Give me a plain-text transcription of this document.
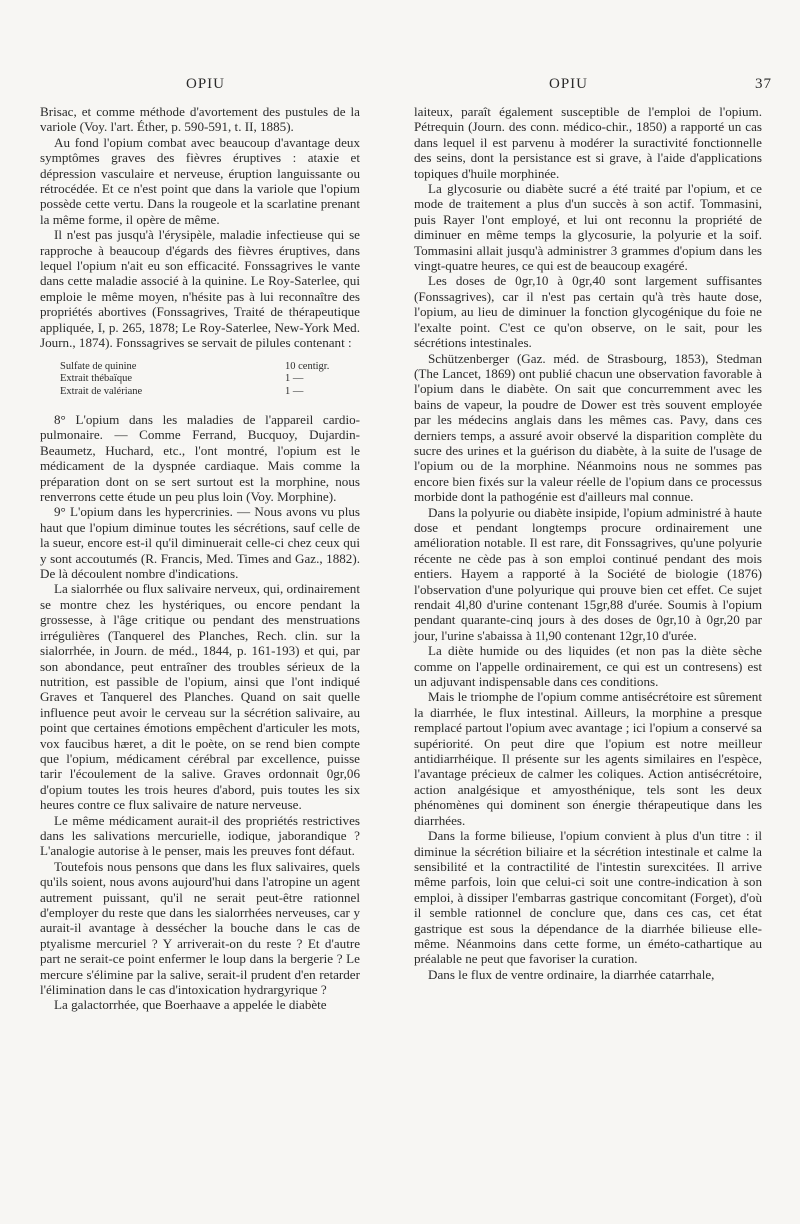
OPIU	OPIU	37

Brisac, et comme méthode d'avortement des pustules de la variole (Voy. l'art. Éther, p. 590-591, t. II, 1885).

Au fond l'opium combat avec beaucoup d'avantage deux symptômes graves des fièvres éruptives : ataxie et dépression vasculaire et nerveuse, éruption languissante ou rétrocédée. Et ce n'est point que dans la variole que l'opium possède cette vertu. Dans la rougeole et la scarlatine prenant la même forme, il opère de même.

Il n'est pas jusqu'à l'érysipèle, maladie infectieuse qui se rapproche à beaucoup d'égards des fièvres éruptives, dans lequel l'opium n'ait eu son efficacité. Fonssagrives le vante dans cette maladie associé à la quinine. Le Roy-Saterlee, qui emploie le même moyen, n'hésite pas à lui reconnaître des propriétés abortives (Fonssagrives, Traité de thérapeutique appliquée, I, p. 265, 1878; Le Roy-Saterlee, New-York Med. Journ., 1874). Fonssagrives se servait de pilules contenant :

Sulfate de quinine	10 centigr.
Extrait thébaïque	1 —
Extrait de valériane	1 —

8° L'opium dans les maladies de l'appareil cardio-pulmonaire. — Comme Ferrand, Bucquoy, Dujardin-Beaumetz, Huchard, etc., l'ont montré, l'opium est le médicament de la dyspnée cardiaque. Mais comme la préparation dont on se sert surtout est la morphine, nous renverrons cette étude un peu plus loin (Voy. Morphine).

9° L'opium dans les hypercrinies. — Nous avons vu plus haut que l'opium diminue toutes les sécrétions, sauf celle de la sueur, encore est-il qu'il diminuerait celle-ci chez ceux qui y sont accoutumés (R. Francis, Med. Times and Gaz., 1882). De là découlent nombre d'indications.

La sialorrhée ou flux salivaire nerveux, qui, ordinairement se montre chez les hystériques, ou encore pendant la grossesse, à l'âge critique ou pendant des menstruations irrégulières (Tanquerel des Planches, Rech. clin. sur la sialorrhée, in Journ. de méd., 1844, p. 161-193) et qui, par son abondance, peut entraîner des troubles sérieux de la nutrition, est passible de l'opium, ainsi que l'ont indiqué Graves et Tanquerel des Planches. Quand on sait quelle influence peut avoir le cerveau sur la sécrétion salivaire, au point que certaines émotions empêchent d'articuler les mots, vox faucibus hæret, a dit le poète, on se rend bien compte que l'opium, médicament cérébral par excellence, puisse tarir l'écoulement de la salive. Graves ordonnait 0gr,06 d'opium toutes les trois heures d'abord, puis toutes les six heures contre ce flux salivaire de nature nerveuse.

Le même médicament aurait-il des propriétés restrictives dans les salivations mercurielle, iodique, jaborandique ? L'analogie autorise à le penser, mais les preuves font défaut.

Toutefois nous pensons que dans les flux salivaires, quels qu'ils soient, nous avons aujourd'hui dans l'atropine un agent autrement puissant, qu'il ne serait peut-être rationnel d'employer du reste que dans les sialorrhées nerveuses, car y aurait-il avantage à dessécher la bouche dans le cas de ptyalisme mercuriel ? Y arriverait-on du reste ? Et d'autre part ne serait-ce point enfermer le loup dans la bergerie ? Le mercure s'élimine par la salive, serait-il prudent d'en retarder l'élimination dans le cas d'intoxication hydrargyrique ?

La galactorrhée, que Boerhaave a appelée le diabète

laiteux, paraît également susceptible de l'emploi de l'opium. Pétrequin (Journ. des conn. médico-chir., 1850) a rapporté un cas dans lequel il est parvenu à modérer la suractivité fonctionnelle des seins, dont la persistance est si grave, à l'aide d'applications topiques d'huile morphinée.

La glycosurie ou diabète sucré a été traité par l'opium, et ce mode de traitement a plus d'un succès à son actif. Tommasini, puis Rayer l'ont employé, et lui ont reconnu la propriété de diminuer en même temps la glycosurie, la polyurie et la soif. Tommasini allait jusqu'à administrer 3 grammes d'opium dans les vingt-quatre heures, ce qui est de beaucoup exagéré.

Les doses de 0gr,10 à 0gr,40 sont largement suffisantes (Fonssagrives), car il n'est pas certain qu'à très haute dose, l'opium, au lieu de diminuer la fonction glycogénique du foie ne l'exalte point. C'est ce qu'on observe, on le sait, pour les sécrétions intestinales.

Schützenberger (Gaz. méd. de Strasbourg, 1853), Stedman (The Lancet, 1869) ont publié chacun une observation favorable à l'opium dans le diabète. On sait que concurremment avec les bains de vapeur, la poudre de Dower est très souvent employée par les médecins anglais dans les mêmes cas. Pavy, dans ces derniers temps, a assuré avoir observé la disparition complète du sucre des urines et la guérison du diabète, à la suite de l'usage de l'opium ou de la morphine. Néanmoins nous ne sommes pas encore bien fixés sur la valeur réelle de l'opium dans ce processus morbide dont la pathogénie est d'ailleurs mal connue.

Dans la polyurie ou diabète insipide, l'opium administré à haute dose et pendant longtemps procure ordinairement une amélioration notable. Il est rare, dit Fonssagrives, qu'une polyurie récente ne cède pas à son emploi continué pendant des mois entiers. Hayem a rapporté à la Société de biologie (1876) l'observation d'une polyurique qui prouve bien cet effet. Ce sujet rendait 4l,80 d'urine contenant 15gr,88 d'urée. Soumis à l'opium pendant quarante-cinq jours à des doses de 0gr,10 à 0gr,20 par jour, l'urine s'abaissa à 1l,90 contenant 12gr,10 d'urée.

La diète humide ou des liquides (et non pas la diète sèche comme on l'appelle ordinairement, ce qui est un contresens) est un adjuvant indispensable dans ces conditions.

Mais le triomphe de l'opium comme antisécrétoire est sûrement la diarrhée, le flux intestinal. Ailleurs, la morphine a presque remplacé partout l'opium avec avantage ; ici l'opium a conservé sa supériorité. On peut dire que l'opium est notre meilleur antidiarrhéique. Il présente sur les agents similaires en l'espèce, l'avantage précieux de calmer les coliques. Action antisécrétoire, action analgésique et amyosthénique, tels sont les deux phénomènes qui dominent son énergie thérapeutique dans les diarrhées.

Dans la forme bilieuse, l'opium convient à plus d'un titre : il diminue la sécrétion biliaire et la sécrétion intestinale et calme la sensibilité et la contractilité de l'intestin surexcitées. Il arrive même parfois, loin que celui-ci soit une contre-indication à son emploi, à dissiper l'embarras gastrique concomitant (Forget), d'où il semble rationnel de conclure que, dans ces cas, cet état gastrique est sous la dépendance de la diarrhée bilieuse elle-même. Néanmoins dans cette forme, un éméto-cathartique au préalable ne peut que favoriser la curation.

Dans le flux de ventre ordinaire, la diarrhée catarrhale,
